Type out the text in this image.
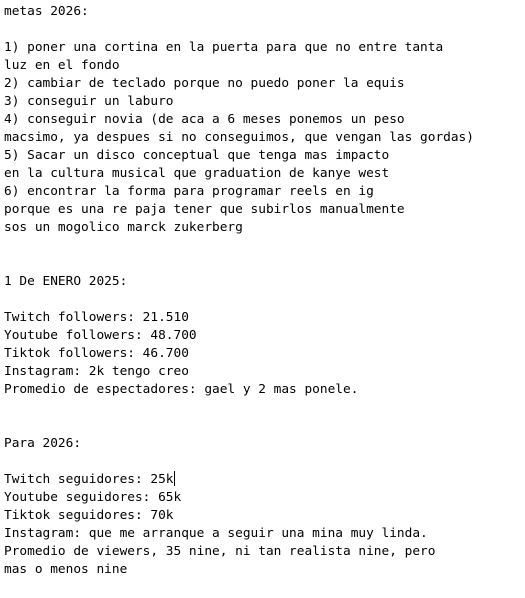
metas 2026:
1) poner una cortina en la puerta para que no entre tanta
luz en el fondo
2) cambiar de teclado porque no puedo poner la equis
3) conseguir un laburo
4) conseguir novia (de aca a 6 meses ponemos un peso
macsimo, ya despues si no conseguimos, que vengan las gordas)
5) Sacar un disco conceptual que tenga mas impacto
en la cultura musical que graduation de kanye west
6) encontrar la forma para programar reels en ig
porque es una re paja tener que subirlos manualmente
sos un mogolico marck zukerberg
1 De ENERO 2025:
Twitch followers: 21.510
Youtube followers: 48.700
Tiktok followers: 46.700
Instagram: 2k tengo creo
Promedio de espectadores: gael y 2 mas ponele.
Para 2026:
Twitch seguidores: 25k
Youtube seguidores: 65k
Tiktok seguidores: 70k
Instagram: que me arranque a seguir una mina muy linda.
Promedio de viewers, 35 nine, ni tan realista nine, pero
mas o menos nine
